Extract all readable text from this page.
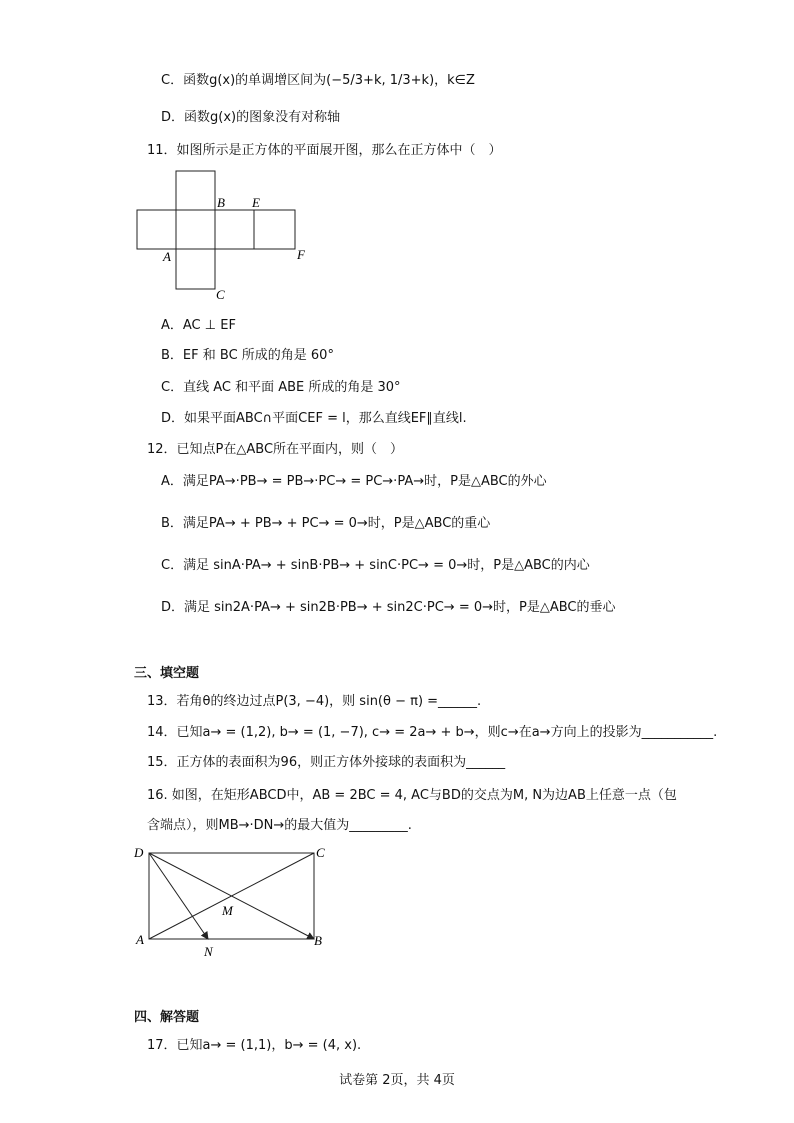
C．函数g(x)的单调增区间为(−5/3+k, 1/3+k)，k∈Z
D．函数g(x)的图象没有对称轴
11．如图所示是正方体的平面展开图，那么在正方体中（　）
B E
A	F
C
A．AC ⊥ EF
B．EF 和 BC 所成的角是 60°
C．直线 AC 和平面 ABE 所成的角是 30°
D．如果平面ABC∩平面CEF = l，那么直线EF∥直线l.
12．已知点P在△ABC所在平面内，则（　）
A．满足PA→·PB→ = PB→·PC→ = PC→·PA→时，P是△ABC的外心
B．满足PA→ + PB→ + PC→ = 0→时，P是△ABC的重心
C．满足 sinA·PA→ + sinB·PB→ + sinC·PC→ = 0→时，P是△ABC的内心
D．满足 sin2A·PA→ + sin2B·PB→ + sin2C·PC→ = 0→时，P是△ABC的垂心
三、填空题
13．若角θ的终边过点P(3, −4)，则 sin(θ − π) =______.
14．已知a→ = (1,2), b→ = (1, −7), c→ = 2a→ + b→，则c→在a→方向上的投影为___________.
15．正方体的表面积为96，则正方体外接球的表面积为______
16. 如图，在矩形ABCD中，AB = 2BC = 4, AC与BD的交点为M, N为边AB上任意一点（包
含端点），则MB→·DN→的最大值为_________.
D	C
M
A	B
N
四、解答题
17．已知a→ = (1,1)，b→ = (4, x).
试卷第 2页，共 4页
